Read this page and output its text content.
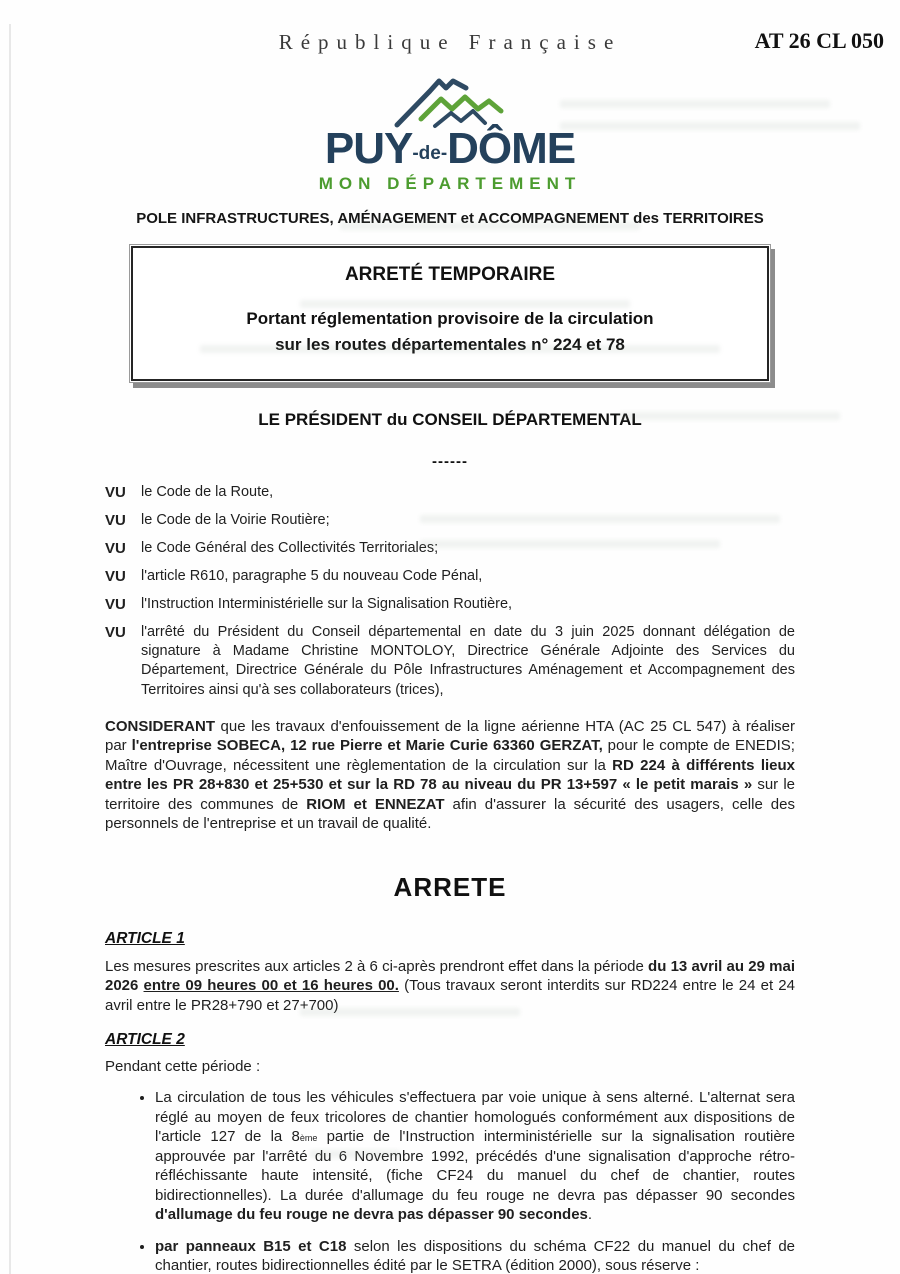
République Française	AT 26 CL 050
PUY-de-DÔME
MON DÉPARTEMENT
POLE INFRASTRUCTURES, AMÉNAGEMENT et ACCOMPAGNEMENT des TERRITOIRES
ARRETÉ TEMPORAIRE
Portant réglementation provisoire de la circulation
sur les routes départementales n° 224 et 78
LE PRÉSIDENT du CONSEIL DÉPARTEMENTAL
------
VU	le Code de la Route,
VU	le Code de la Voirie Routière;
VU	le Code Général des Collectivités Territoriales;
VU	l'article R610, paragraphe 5 du nouveau Code Pénal,
VU	l'Instruction Interministérielle sur la Signalisation Routière,
VU	l'arrêté du Président du Conseil départemental en date du 3 juin 2025 donnant délégation de signature à Madame Christine MONTOLOY, Directrice Générale Adjointe des Services du Département, Directrice Générale du Pôle Infrastructures Aménagement et Accompagnement des Territoires ainsi qu'à ses collaborateurs (trices),
CONSIDERANT que les travaux d'enfouissement de la ligne aérienne HTA (AC 25 CL 547) à réaliser par l'entreprise SOBECA, 12 rue Pierre et Marie Curie 63360 GERZAT, pour le compte de ENEDIS; Maître d'Ouvrage, nécessitent une règlementation de la circulation sur la RD 224 à différents lieux entre les PR 28+830 et 25+530 et sur la RD 78 au niveau du PR 13+597 « le petit marais » sur le territoire des communes de RIOM et ENNEZAT afin d'assurer la sécurité des usagers, celle des personnels de l'entreprise et un travail de qualité.
ARRETE
ARTICLE 1
Les mesures prescrites aux articles 2 à 6 ci-après prendront effet dans la période du 13 avril au 29 mai 2026 entre 09 heures 00 et 16 heures 00. (Tous travaux seront interdits sur RD224 entre le 24 et 24 avril entre le PR28+790 et 27+700)
ARTICLE 2
Pendant cette période :
• La circulation de tous les véhicules s'effectuera par voie unique à sens alterné. L'alternat sera réglé au moyen de feux tricolores de chantier homologués conformément aux dispositions de l'article 127 de la 8ème partie de l'Instruction interministérielle sur la signalisation routière approuvée par l'arrêté du 6 Novembre 1992, précédés d'une signalisation d'approche rétro-réfléchissante haute intensité, (fiche CF24 du manuel du chef de chantier, routes bidirectionnelles). La durée d'allumage du feu rouge ne devra pas dépasser 90 secondes d'allumage du feu rouge ne devra pas dépasser 90 secondes.
• par panneaux B15 et C18 selon les dispositions du schéma CF22 du manuel du chef de chantier, routes bidirectionnelles édité par le SETRA (édition 2000), sous réserve :
